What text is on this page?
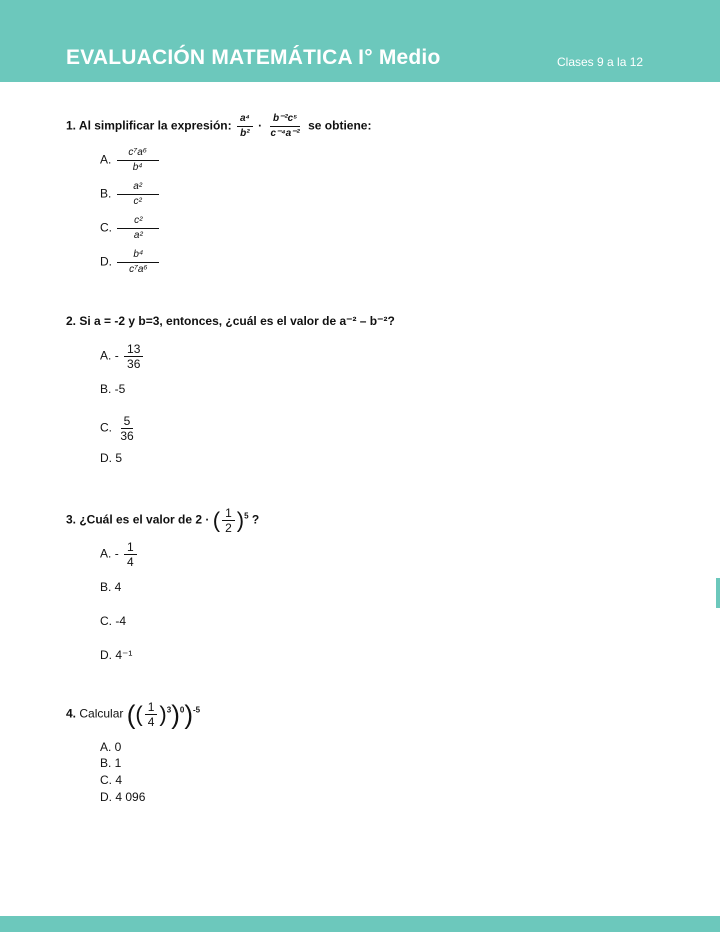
EVALUACIÓN MATEMÁTICA I° Medio	Clases 9 a la 12
1. Al simplificar la expresión: $\frac{\text{a⁴}}{\text{b²}} \cdot \frac{\text{b⁻²c⁵}}{\text{c⁻⁴a⁻²}}$ se obtiene:
A. $\frac{\text{c⁷a⁶}}{\text{b⁴}}$
B. $\frac{\text{a²}}{\text{c²}}$
C. $\frac{\text{c²}}{\text{a²}}$
D. $\frac{\text{b⁴}}{\text{c⁷a⁶}}$
2. Si a = -2 y b=3, entonces, ¿cuál es el valor de a⁻² – b⁻²?
A. - $\frac{13}{36}$
B. -5
C. $\frac{5}{36}$
D. 5
3. ¿Cuál es el valor de 2 · ( $\frac{1}{2} )^5$ ?
A. - $\frac{1}{4}$
B. 4
C. -4
D. 4⁻¹
4. Calcular (( $\frac{1}{4} )^3)^0)^{-5}$
A. 0
B. 1
C. 4
D. 4 096
